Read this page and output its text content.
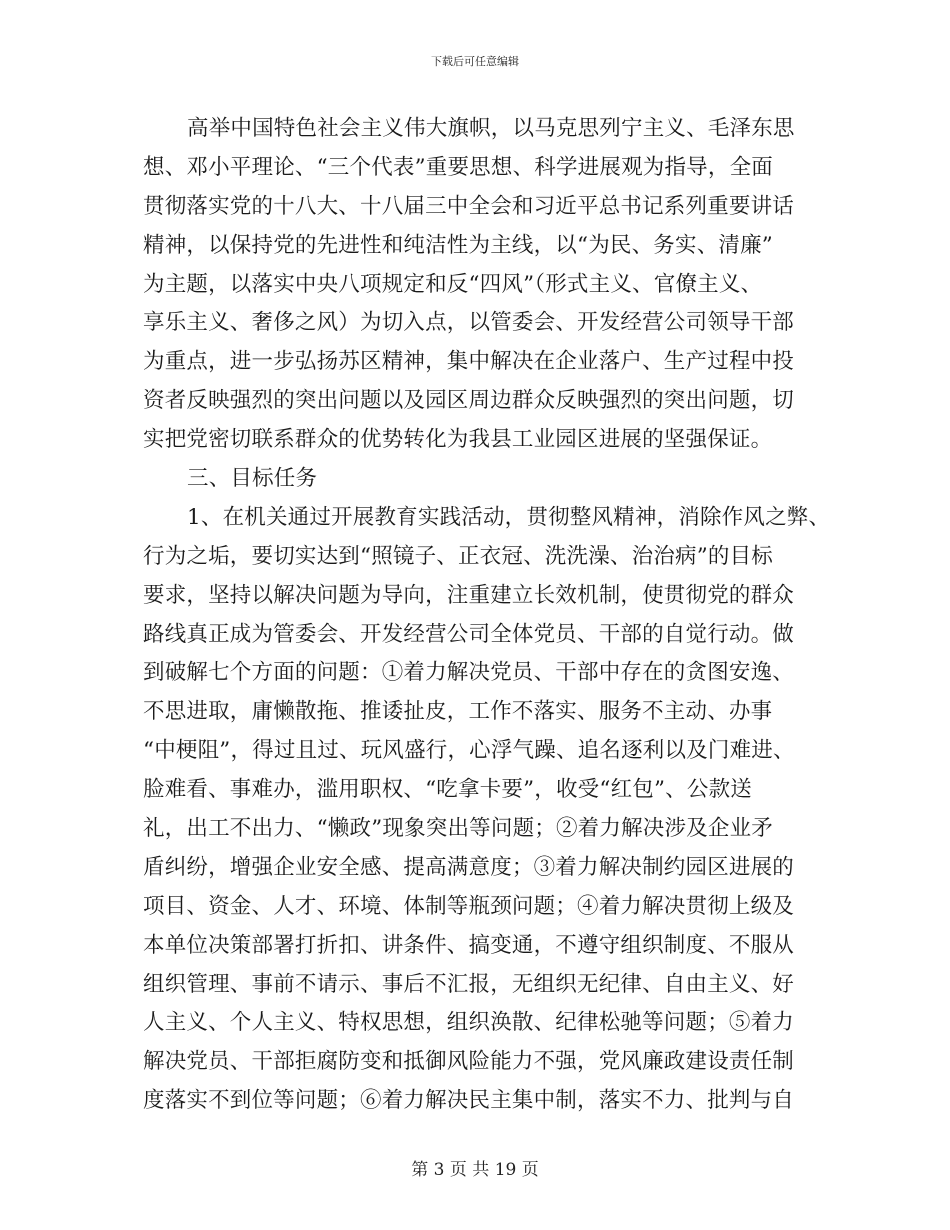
下载后可任意编辑
高举中国特色社会主义伟大旗帜，以马克思列宁主义、毛泽东思
想、邓小平理论、“三个代表”重要思想、科学进展观为指导，全面
贯彻落实党的十八大、十八届三中全会和习近平总书记系列重要讲话
精神，以保持党的先进性和纯洁性为主线，以“为民、务实、清廉”
为主题，以落实中央八项规定和反“四风”（形式主义、官僚主义、
享乐主义、奢侈之风）为切入点，以管委会、开发经营公司领导干部
为重点，进一步弘扬苏区精神，集中解决在企业落户、生产过程中投
资者反映强烈的突出问题以及园区周边群众反映强烈的突出问题，切
实把党密切联系群众的优势转化为我县工业园区进展的坚强保证。
三、目标任务
1、在机关通过开展教育实践活动，贯彻整风精神，消除作风之弊、
行为之垢，要切实达到“照镜子、正衣冠、洗洗澡、治治病”的目标
要求，坚持以解决问题为导向，注重建立长效机制，使贯彻党的群众
路线真正成为管委会、开发经营公司全体党员、干部的自觉行动。做
到破解七个方面的问题：①着力解决党员、干部中存在的贪图安逸、
不思进取，庸懒散拖、推诿扯皮，工作不落实、服务不主动、办事
“中梗阻”，得过且过、玩风盛行，心浮气躁、追名逐利以及门难进、
脸难看、事难办，滥用职权、“吃拿卡要”，收受“红包”、公款送
礼，出工不出力、“懒政”现象突出等问题；②着力解决涉及企业矛
盾纠纷，增强企业安全感、提高满意度；③着力解决制约园区进展的
项目、资金、人才、环境、体制等瓶颈问题；④着力解决贯彻上级及
本单位决策部署打折扣、讲条件、搞变通，不遵守组织制度、不服从
组织管理、事前不请示、事后不汇报，无组织无纪律、自由主义、好
人主义、个人主义、特权思想，组织涣散、纪律松驰等问题；⑤着力
解决党员、干部拒腐防变和抵御风险能力不强，党风廉政建设责任制
度落实不到位等问题；⑥着力解决民主集中制，落实不力、批判与自
第 3 页 共 19 页
